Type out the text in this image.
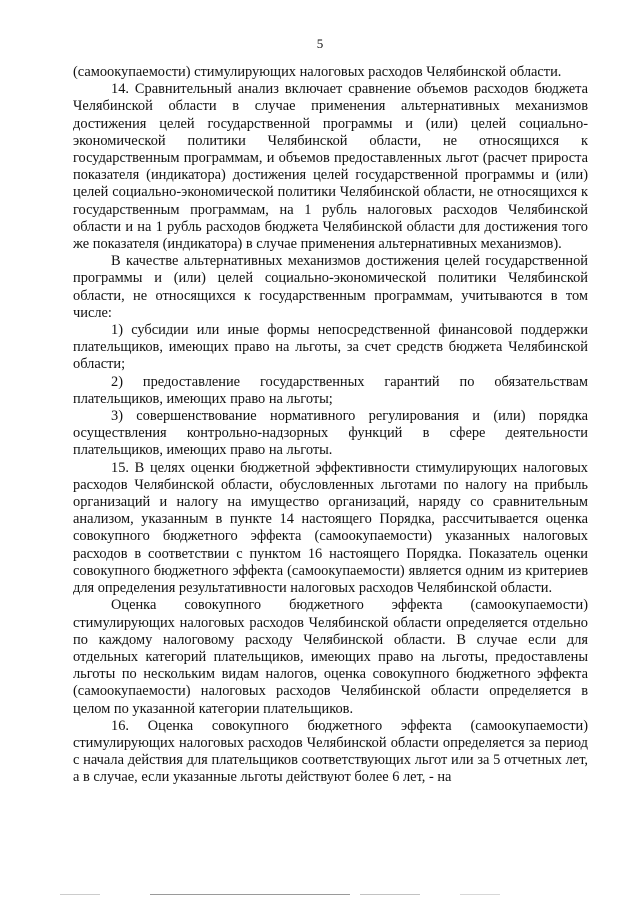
5

(самоокупаемости) стимулирующих налоговых расходов Челябинской области.

14. Сравнительный анализ включает сравнение объемов расходов бюджета Челябинской области в случае применения альтернативных механизмов достижения целей государственной программы и (или) целей социально-экономической политики Челябинской области, не относящихся к государственным программам, и объемов предоставленных льгот (расчет прироста показателя (индикатора) достижения целей государственной программы и (или) целей социально-экономической политики Челябинской области, не относящихся к государственным программам, на 1 рубль налоговых расходов Челябинской области и на 1 рубль расходов бюджета Челябинской области для достижения того же показателя (индикатора) в случае применения альтернативных механизмов).

В качестве альтернативных механизмов достижения целей государственной программы и (или) целей социально-экономической политики Челябинской области, не относящихся к государственным программам, учитываются в том числе:

1) субсидии или иные формы непосредственной финансовой поддержки плательщиков, имеющих право на льготы, за счет средств бюджета Челябинской области;

2) предоставление государственных гарантий по обязательствам плательщиков, имеющих право на льготы;

3) совершенствование нормативного регулирования и (или) порядка осуществления контрольно-надзорных функций в сфере деятельности плательщиков, имеющих право на льготы.

15. В целях оценки бюджетной эффективности стимулирующих налоговых расходов Челябинской области, обусловленных льготами по налогу на прибыль организаций и налогу на имущество организаций, наряду со сравнительным анализом, указанным в пункте 14 настоящего Порядка, рассчитывается оценка совокупного бюджетного эффекта (самоокупаемости) указанных налоговых расходов в соответствии с пунктом 16 настоящего Порядка. Показатель оценки совокупного бюджетного эффекта (самоокупаемости) является одним из критериев для определения результативности налоговых расходов Челябинской области.

Оценка совокупного бюджетного эффекта (самоокупаемости) стимулирующих налоговых расходов Челябинской области определяется отдельно по каждому налоговому расходу Челябинской области. В случае если для отдельных категорий плательщиков, имеющих право на льготы, предоставлены льготы по нескольким видам налогов, оценка совокупного бюджетного эффекта (самоокупаемости) налоговых расходов Челябинской области определяется в целом по указанной категории плательщиков.

16. Оценка совокупного бюджетного эффекта (самоокупаемости) стимулирующих налоговых расходов Челябинской области определяется за период с начала действия для плательщиков соответствующих льгот или за 5 отчетных лет, а в случае, если указанные льготы действуют более 6 лет, - на
